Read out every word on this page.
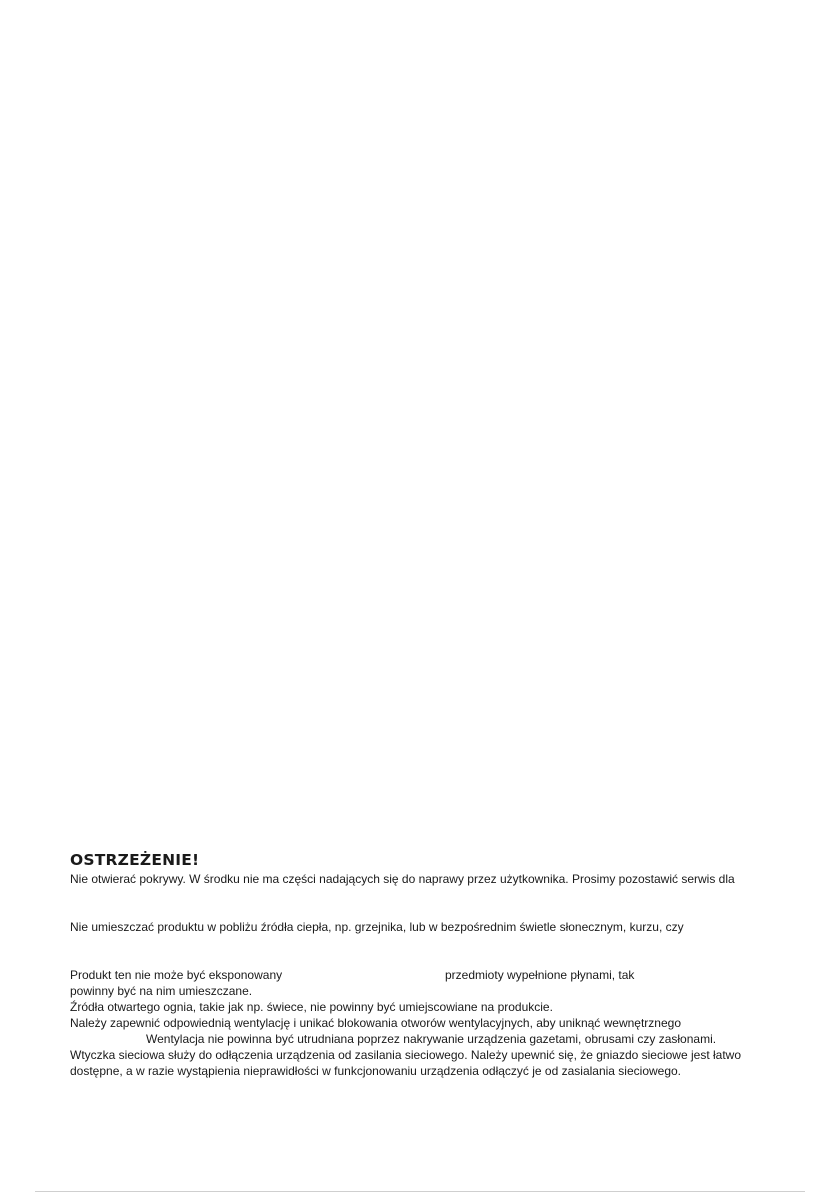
OSTRZEŻENIE!
Nie otwierać pokrywy. W środku nie ma części nadających się do naprawy przez użytkownika. Prosimy pozostawić serwis dla
Nie umieszczać produktu w pobliżu źródła ciepła, np. grzejnika, lub w bezpośrednim świetle słonecznym, kurzu, czy
Produkt ten nie może być eksponowany	przedmioty wypełnione płynami, tak
powinny być na nim umieszczane.
Źródła otwartego ognia, takie jak np. świece, nie powinny być umiejscowiane na produkcie.
Należy zapewnić odpowiednią wentylację i unikać blokowania otworów wentylacyjnych, aby uniknąć wewnętrznego
Wentylacja nie powinna być utrudniana poprzez nakrywanie urządzenia gazetami, obrusami czy zasłonami.
Wtyczka sieciowa służy do odłączenia urządzenia od zasilania sieciowego. Należy upewnić się, że gniazdo sieciowe jest łatwo
dostępne, a w razie wystąpienia nieprawidłości w funkcjonowaniu urządzenia odłączyć je od zasialania sieciowego.
